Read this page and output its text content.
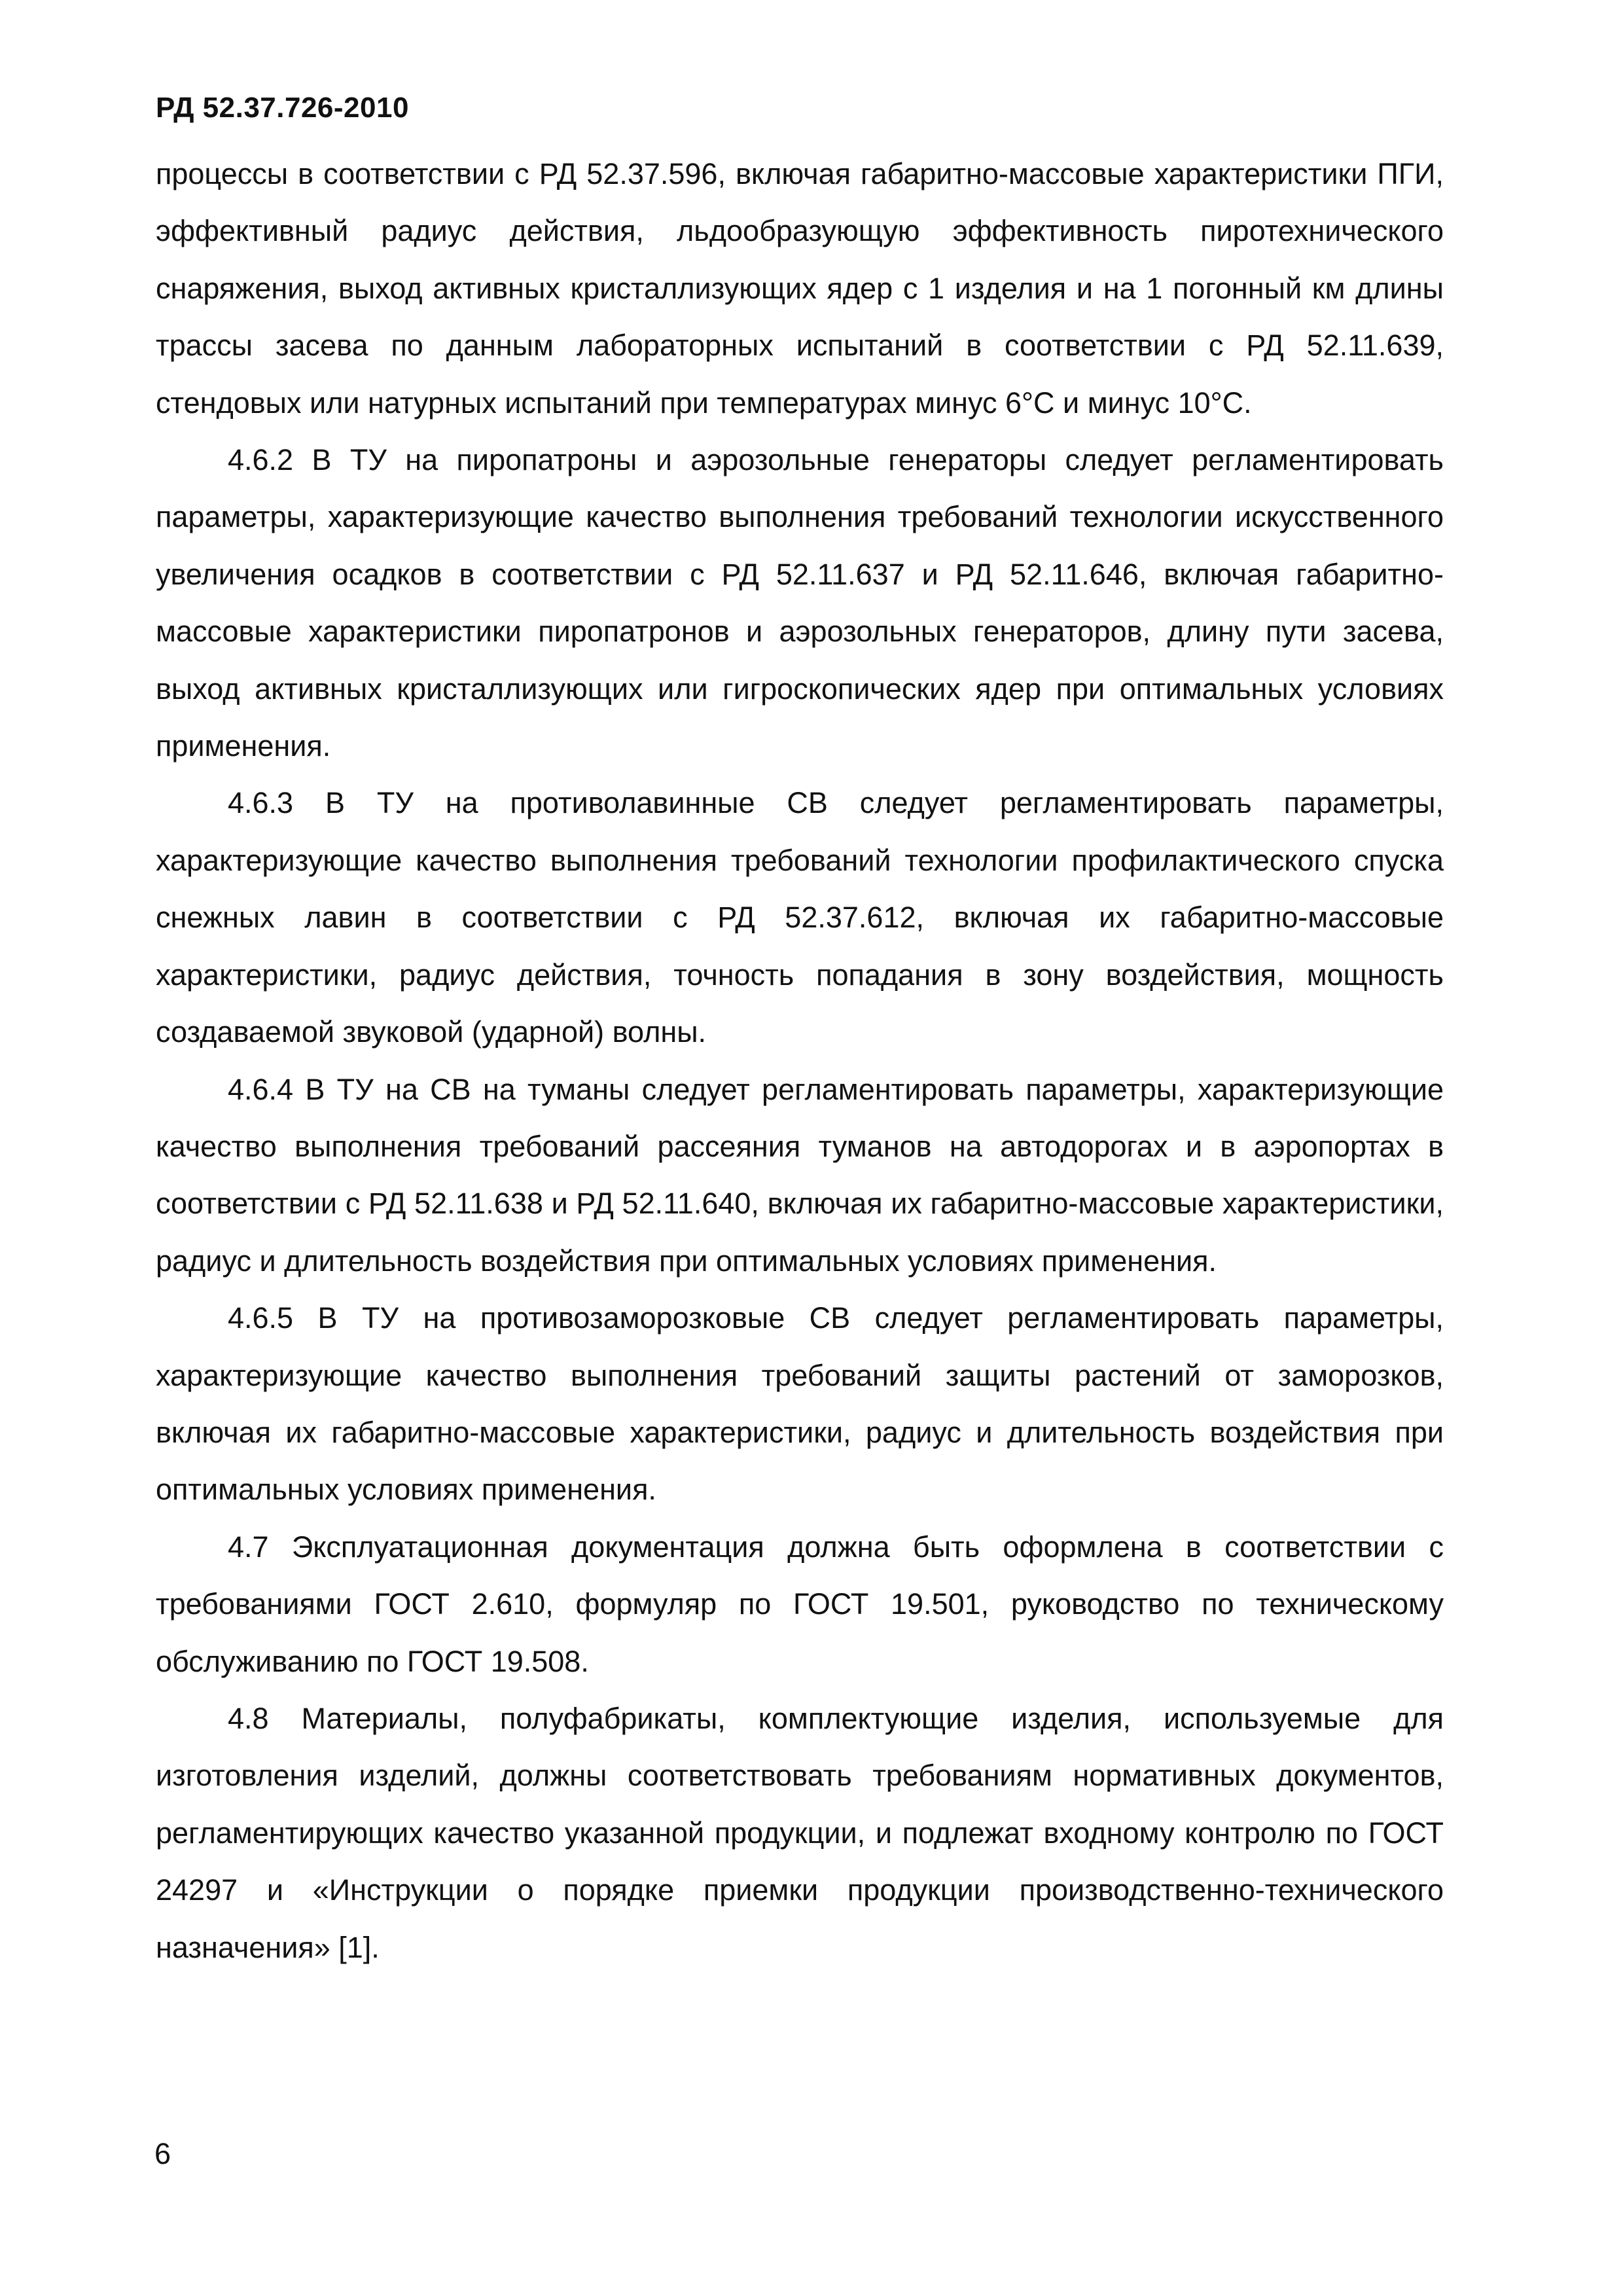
РД 52.37.726-2010

процессы в соответствии с РД 52.37.596, включая габаритно-массовые характеристики ПГИ, эффективный радиус действия, льдообразующую эффективность пиротехнического снаряжения, выход активных кристаллизующих ядер с 1 изделия и на 1 погонный км длины трассы засева по данным лабораторных испытаний в соответствии с РД 52.11.639, стендовых или натурных испытаний при температурах минус 6°С и минус 10°С.

4.6.2 В ТУ на пиропатроны и аэрозольные генераторы следует регламентировать параметры, характеризующие качество выполнения требований технологии искусственного увеличения осадков в соответствии с РД 52.11.637 и РД 52.11.646, включая габаритно-массовые характеристики пиропатронов и аэрозольных генераторов, длину пути засева, выход активных кристаллизующих или гигроскопических ядер при оптимальных условиях применения.

4.6.3 В ТУ на противолавинные СВ следует регламентировать параметры, характеризующие качество выполнения требований технологии профилактического спуска снежных лавин в соответствии с РД 52.37.612, включая их габаритно-массовые характеристики, радиус действия, точность попадания в зону воздействия, мощность создаваемой звуковой (ударной) волны.

4.6.4 В ТУ на СВ на туманы следует регламентировать параметры, характеризующие качество выполнения требований рассеяния туманов на автодорогах и в аэропортах в соответствии с РД 52.11.638 и РД 52.11.640, включая их габаритно-массовые характеристики, радиус и длительность воздействия при оптимальных условиях применения.

4.6.5 В ТУ на противозаморозковые СВ следует регламентировать параметры, характеризующие качество выполнения требований защиты растений от заморозков, включая их габаритно-массовые характеристики, радиус и длительность воздействия при оптимальных условиях применения.

4.7 Эксплуатационная документация должна быть оформлена в соответствии с требованиями ГОСТ 2.610, формуляр по ГОСТ 19.501, руководство по техническому обслуживанию по ГОСТ 19.508.

4.8 Материалы, полуфабрикаты, комплектующие изделия, используемые для изготовления изделий, должны соответствовать требованиям нормативных документов, регламентирующих качество указанной продукции, и подлежат входному контролю по ГОСТ 24297 и «Инструкции о порядке приемки продукции производственно-технического назначения» [1].

6
